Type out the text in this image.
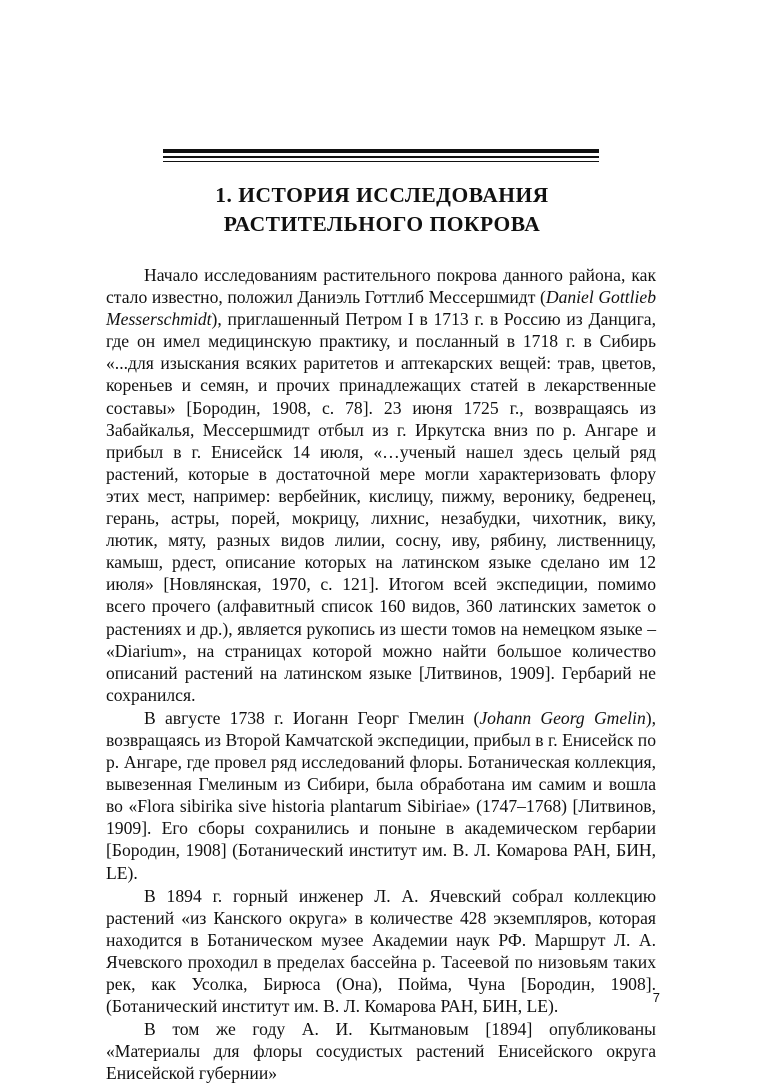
1. ИСТОРИЯ ИССЛЕДОВАНИЯ
РАСТИТЕЛЬНОГО ПОКРОВА

Начало исследованиям растительного покрова данного района, как стало известно, положил Даниэль Готтлиб Мессершмидт (Daniel Gottlieb Messerschmidt), приглашенный Петром I в 1713 г. в Россию из Данцига, где он имел медицинскую практику, и посланный в 1718 г. в Сибирь «...для изыскания всяких раритетов и аптекарских вещей: трав, цветов, кореньев и семян, и прочих принадлежащих статей в лекарственные составы» [Бородин, 1908, с. 78]. 23 июня 1725 г., возвращаясь из Забайкалья, Мессершмидт отбыл из г. Иркутска вниз по р. Ангаре и прибыл в г. Енисейск 14 июля, «…ученый нашел здесь целый ряд растений, которые в достаточной мере могли характеризовать флору этих мест, например: вербейник, кислицу, пижму, веронику, бедренец, герань, астры, порей, мокрицу, лихнис, незабудки, чихотник, вику, лютик, мяту, разных видов лилии, сосну, иву, рябину, лиственницу, камыш, рдест, описание которых на латинском языке сделано им 12 июля» [Новлянская, 1970, с. 121]. Итогом всей экспедиции, помимо всего прочего (алфавитный список 160 видов, 360 латинских заметок о растениях и др.), является рукопись из шести томов на немецком языке – «Diarium», на страницах которой можно найти большое количество описаний растений на латинском языке [Литвинов, 1909]. Гербарий не сохранился.

В августе 1738 г. Иоганн Георг Гмелин (Johann Georg Gmelin), возвращаясь из Второй Камчатской экспедиции, прибыл в г. Енисейск по р. Ангаре, где провел ряд исследований флоры. Ботаническая коллекция, вывезенная Гмелиным из Сибири, была обработана им самим и вошла во «Flora sibirika sive historia plantarum Sibiriae» (1747–1768) [Литвинов, 1909]. Его сборы сохранились и поныне в академическом гербарии [Бородин, 1908] (Ботанический институт им. В. Л. Комарова РАН, БИН, LE).

В 1894 г. горный инженер Л. А. Ячевский собрал коллекцию растений «из Канского округа» в количестве 428 экземпляров, которая находится в Ботаническом музее Академии наук РФ. Маршрут Л. А. Ячевского проходил в пределах бассейна р. Тасеевой по низовьям таких рек, как Усолка, Бирюса (Она), Пойма, Чуна [Бородин, 1908]. (Ботанический институт им. В. Л. Комарова РАН, БИН, LE).

В том же году А. И. Кытмановым [1894] опубликованы «Материалы для флоры сосудистых растений Енисейского округа Енисейской губернии»

7
